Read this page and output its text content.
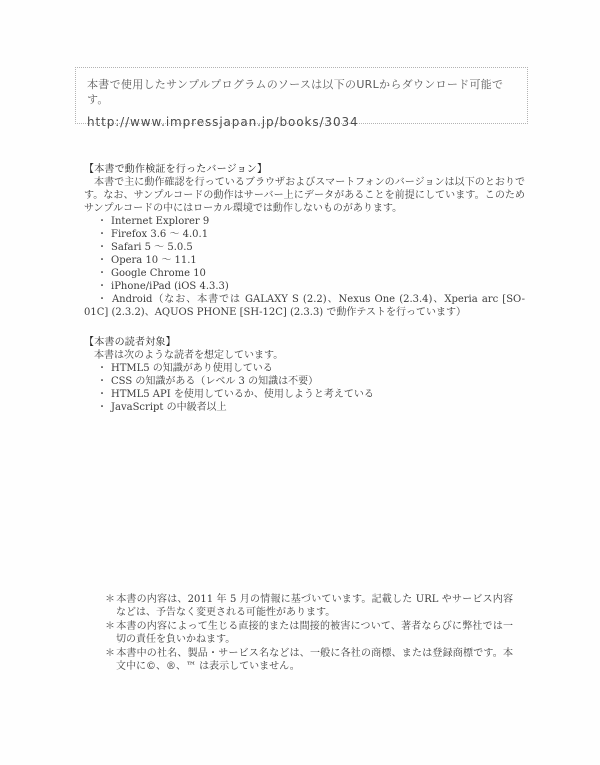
本書で使用したサンプルプログラムのソースは以下のURLからダウンロード可能です。
http://www.impressjapan.jp/books/3034
【本書で動作検証を行ったバージョン】
　本書で主に動作確認を行っているブラウザおよびスマートフォンのバージョンは以下のとおりです。なお、サンプルコードの動作はサーバー上にデータがあることを前提にしています。このためサンプルコードの中にはローカル環境では動作しないものがあります。
・ Internet Explorer 9
・ Firefox 3.6 〜 4.0.1
・ Safari 5 〜 5.0.5
・ Opera 10 〜 11.1
・ Google Chrome 10
・ iPhone/iPad (iOS 4.3.3)
・ Android（なお、本書では GALAXY S (2.2)、Nexus One (2.3.4)、Xperia arc [SO-01C] (2.3.2)、AQUOS PHONE [SH-12C] (2.3.3) で動作テストを行っています）
【本書の読者対象】
　本書は次のような読者を想定しています。
・ HTML5 の知識があり使用している
・ CSS の知識がある（レベル 3 の知識は不要）
・ HTML5 API を使用しているか、使用しようと考えている
・ JavaScript の中級者以上
＊本書の内容は、2011 年 5 月の情報に基づいています。記載した URL やサービス内容などは、予告なく変更される可能性があります。
＊本書の内容によって生じる直接的または間接的被害について、著者ならびに弊社では一切の責任を負いかねます。
＊本書中の社名、製品・サービス名などは、一般に各社の商標、または登録商標です。本文中に©、®、™ は表示していません。
